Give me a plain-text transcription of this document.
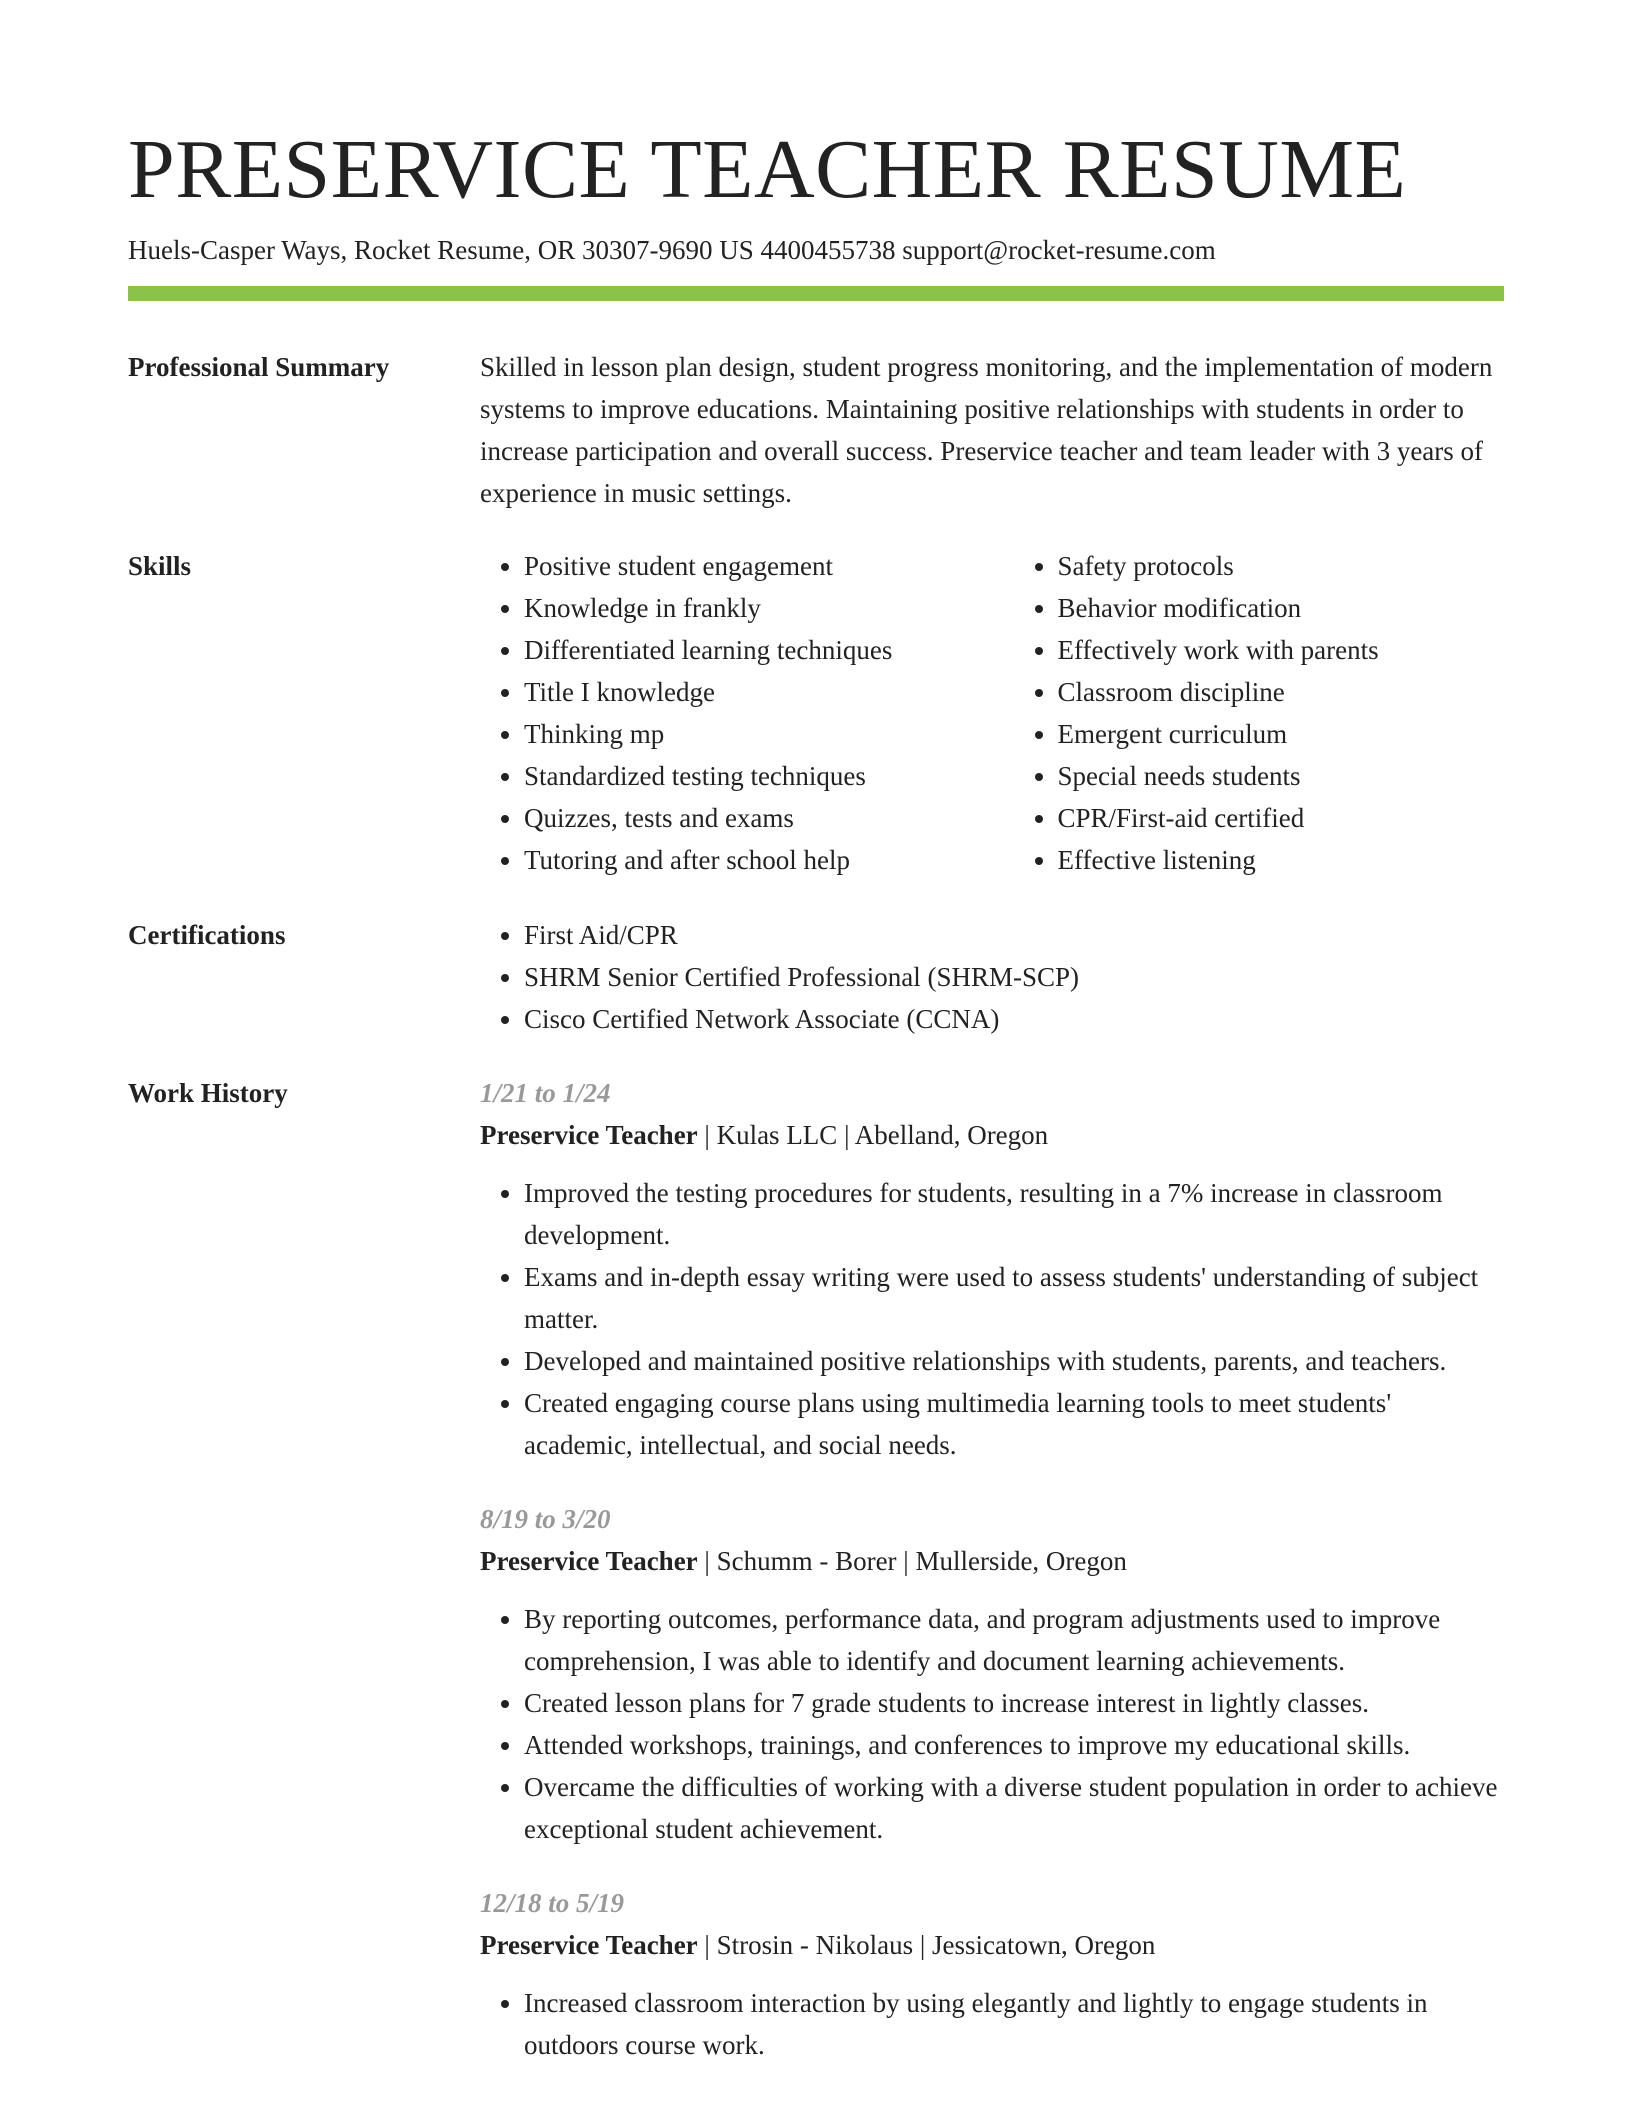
PRESERVICE TEACHER RESUME
Huels-Casper Ways, Rocket Resume, OR 30307-9690 US 4400455738 support@rocket-resume.com
Professional Summary	Skilled in lesson plan design, student progress monitoring, and the implementation of modern systems to improve educations. Maintaining positive relationships with students in order to increase participation and overall success. Preservice teacher and team leader with 3 years of experience in music settings.

Skills	• Positive student engagement
• Knowledge in frankly
• Differentiated learning techniques
• Title I knowledge
• Thinking mp
• Standardized testing techniques
• Quizzes, tests and exams
• Tutoring and after school help
• Safety protocols
• Behavior modification
• Effectively work with parents
• Classroom discipline
• Emergent curriculum
• Special needs students
• CPR/First-aid certified
• Effective listening
Certifications	• First Aid/CPR
• SHRM Senior Certified Professional (SHRM-SCP)
• Cisco Certified Network Associate (CCNA)
Work History	1/21 to 1/24
Preservice Teacher | Kulas LLC | Abelland, Oregon
• Improved the testing procedures for students, resulting in a 7% increase in classroom development.
• Exams and in-depth essay writing were used to assess students' understanding of subject matter.
• Developed and maintained positive relationships with students, parents, and teachers.
• Created engaging course plans using multimedia learning tools to meet students' academic, intellectual, and social needs.
8/19 to 3/20
Preservice Teacher | Schumm - Borer | Mullerside, Oregon
• By reporting outcomes, performance data, and program adjustments used to improve comprehension, I was able to identify and document learning achievements.
• Created lesson plans for 7 grade students to increase interest in lightly classes.
• Attended workshops, trainings, and conferences to improve my educational skills.
• Overcame the difficulties of working with a diverse student population in order to achieve exceptional student achievement.
12/18 to 5/19
Preservice Teacher | Strosin - Nikolaus | Jessicatown, Oregon
• Increased classroom interaction by using elegantly and lightly to engage students in outdoors course work.
